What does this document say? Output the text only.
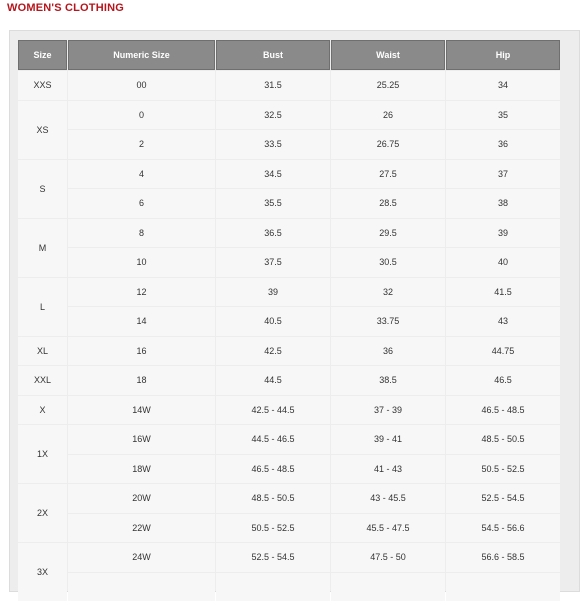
WOMEN'S CLOTHING
Size	Numeric Size	Bust	Waist	Hip
XXS	00	31.5	25.25	34
XS	0	32.5	26	35
	2	33.5	26.75	36
S	4	34.5	27.5	37
	6	35.5	28.5	38
M	8	36.5	29.5	39
	10	37.5	30.5	40
L	12	39	32	41.5
	14	40.5	33.75	43
XL	16	42.5	36	44.75
XXL	18	44.5	38.5	46.5
X	14W	42.5 - 44.5	37 - 39	46.5 - 48.5
1X	16W	44.5 - 46.5	39 - 41	48.5 - 50.5
	18W	46.5 - 48.5	41 - 43	50.5 - 52.5
2X	20W	48.5 - 50.5	43 - 45.5	52.5 - 54.5
	22W	50.5 - 52.5	45.5 - 47.5	54.5 - 56.6
3X	24W	52.5 - 54.5	47.5 - 50	56.6 - 58.5
